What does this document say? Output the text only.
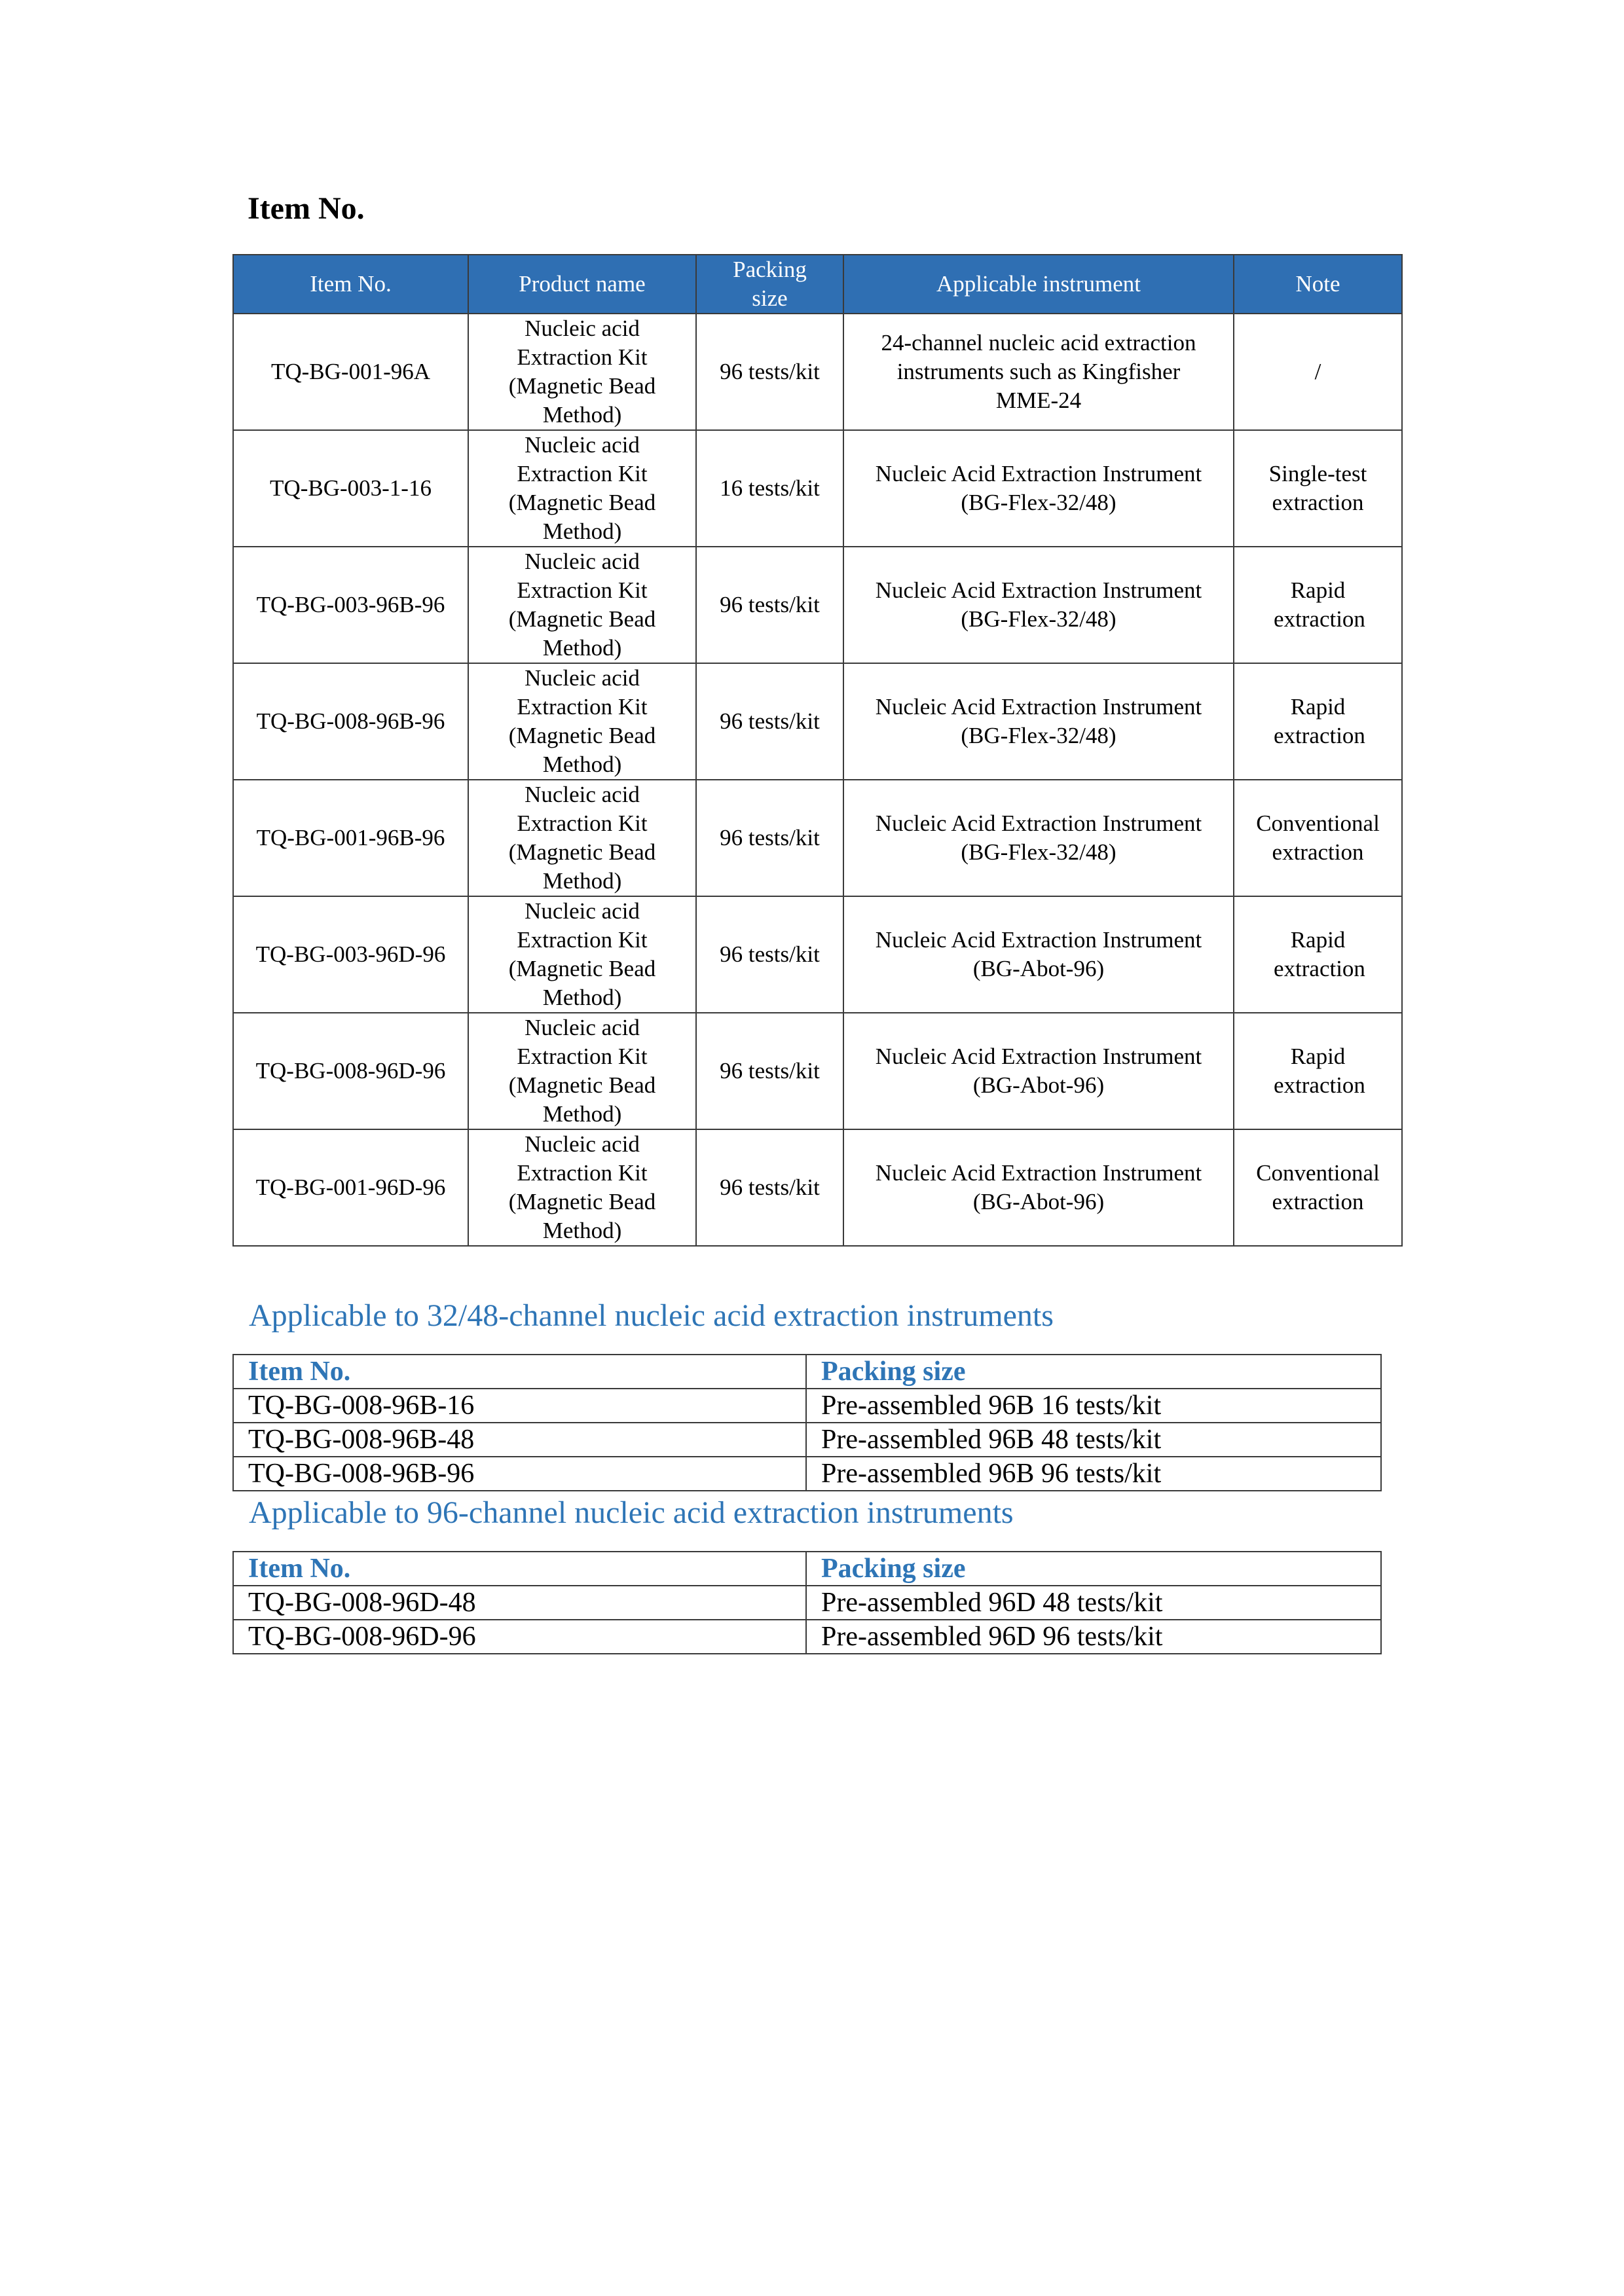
Item No.
Item No.	Product name	Packing size	Applicable instrument	Note
TQ-BG-001-96A	Nucleic acid Extraction Kit (Magnetic Bead Method)	96 tests/kit	24-channel nucleic acid extraction instruments such as Kingfisher MME-24	/
TQ-BG-003-1-16	Nucleic acid Extraction Kit (Magnetic Bead Method)	16 tests/kit	Nucleic Acid Extraction Instrument (BG-Flex-32/48)	Single-test extraction
TQ-BG-003-96B-96	Nucleic acid Extraction Kit (Magnetic Bead Method)	96 tests/kit	Nucleic Acid Extraction Instrument (BG-Flex-32/48)	Rapid extraction
TQ-BG-008-96B-96	Nucleic acid Extraction Kit (Magnetic Bead Method)	96 tests/kit	Nucleic Acid Extraction Instrument (BG-Flex-32/48)	Rapid extraction
TQ-BG-001-96B-96	Nucleic acid Extraction Kit (Magnetic Bead Method)	96 tests/kit	Nucleic Acid Extraction Instrument (BG-Flex-32/48)	Conventional extraction
TQ-BG-003-96D-96	Nucleic acid Extraction Kit (Magnetic Bead Method)	96 tests/kit	Nucleic Acid Extraction Instrument (BG-Abot-96)	Rapid extraction
TQ-BG-008-96D-96	Nucleic acid Extraction Kit (Magnetic Bead Method)	96 tests/kit	Nucleic Acid Extraction Instrument (BG-Abot-96)	Rapid extraction
TQ-BG-001-96D-96	Nucleic acid Extraction Kit (Magnetic Bead Method)	96 tests/kit	Nucleic Acid Extraction Instrument (BG-Abot-96)	Conventional extraction
Applicable to 32/48-channel nucleic acid extraction instruments
Item No.	Packing size
TQ-BG-008-96B-16	Pre-assembled 96B 16 tests/kit
TQ-BG-008-96B-48	Pre-assembled 96B 48 tests/kit
TQ-BG-008-96B-96	Pre-assembled 96B 96 tests/kit
Applicable to 96-channel nucleic acid extraction instruments
Item No.	Packing size
TQ-BG-008-96D-48	Pre-assembled 96D 48 tests/kit
TQ-BG-008-96D-96	Pre-assembled 96D 96 tests/kit
